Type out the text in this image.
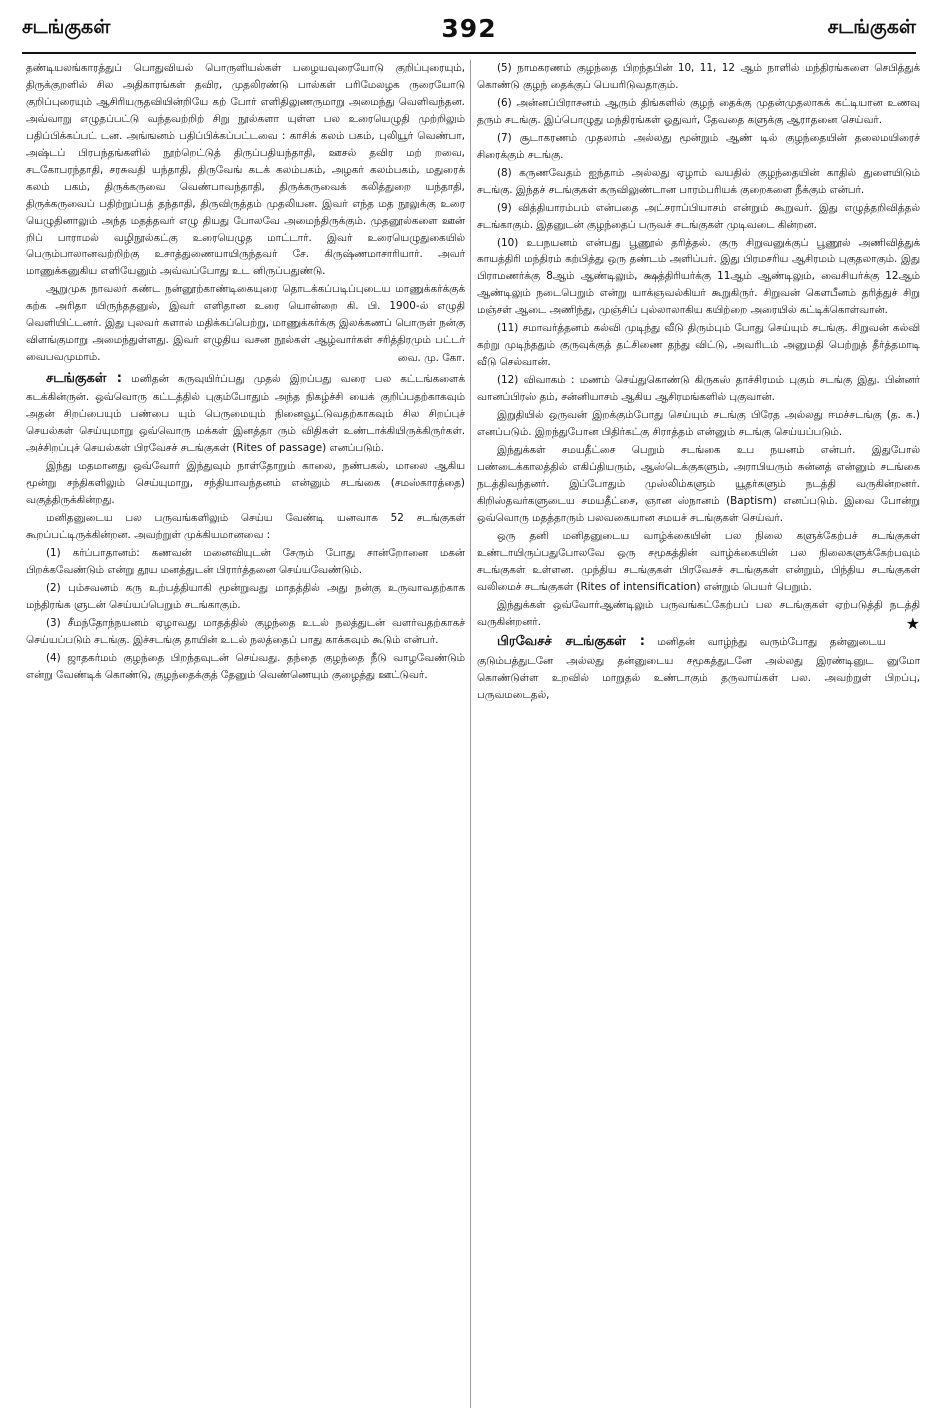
சடங்குகள்	392	சடங்குகள்

தண்டியலங்காரத்துப் பொதுவியல் பொருளியல்கள் பழையவுரையோடு குறிப்புரையும், திருக்குறளில் சில அதிகாரங்கள் தவிர, முதலிரண்டு பால்கள் பரிமேலழக ருரையோடு குறிப்புரையும் ஆசிரியருதவியின்றியே கற் போர் எளிதிலுணருமாறு அமைந்து வெளிவந்தன. அவ்வாறு எழுதப்பட்டு வந்தவற்றிற் சிறு நூல்களா யுள்ள பல உரையெழுதி முற்றிலும் பதிப்பிக்கப்பட் டன. அங்ஙனம் பதிப்பிக்கப்பட்டவை : காசிக் கலம் பகம், புலியூர் வெண்பா, அஷ்டப் பிரபந்தங்களில் நூற்றெட்டுத் திருப்பதியந்தாதி, ஊசல் தவிர மற் றவை, சடகோபரந்தாதி, சரசுவதி யந்தாதி, திருவேங் கடக் கலம்பகம், அழகர் கலம்பகம், மதுரைக் கலம் பகம், திருக்கருவை வெண்பாவந்தாதி, திருக்கருவைக் கலித்துறை யந்தாதி, திருக்கருவைப் பதிற்றுப்பத் தந்தாதி, திருவிருத்தம் முதலியன. இவர் எந்த மத நூலுக்கு உரை யெழுதினாலும் அந்த மதத்தவர் எழு தியது போலவே அமைந்திருக்கும். முதனூல்களை ஊன் றிப் பாராமல் வழிநூல்கட்கு உரையெழுத மாட்டார். இவர் உரையெழுதுகையில் பெரும்பாலானவற்றிற்கு உசாத்துணையாயிருந்தவர் சே. கிருஷ்ணமாசாரியார். அவர் மாணுக்கனுகிய எளியேனும் அவ்வப்போது உட னிருப்பதுண்டு.

ஆறுமுக நாவலர் கண்ட நன்னூற்காண்டிகையுரை தொடக்கப்படிப்புடைய மாணுக்கர்க்குக் கற்க அரிதா யிருந்ததனுல், இவர் எளிதான உரை யொன்றை கி. பி. 1900-ல் எழுதி வெளியிட்டனர். இது புலவர் களால் மதிக்கப்பெற்று, மாணுக்கர்க்கு இலக்கணப் பொருள் நன்கு விளங்குமாறு அமைந்துள்ளது. இவர் எழுதிய வசன நூல்கள் ஆழ்வார்கள் சரித்திரமும் பட்டர் வைபவமுமாம்.	வை. மு. கோ.

சடங்குகள் : மனிதன் கருவுயிர்ப்பது முதல் இறப்பது வரை பல கட்டங்களைக் கடக்கின்ருன். ஒவ்வொரு கட்டத்தில் புகும்போதும் அந்த நிகழ்ச்சி யைக் குறிப்பதற்காகவும் அதன் சிறப்பையும் பண்பை யும் பெருமையும் நினைவூட்டுவதற்காகவும் சில சிறப்புச் செயல்கள் செய்யுமாறு ஒவ்வொரு மக்கள் இனத்தா ரும் விதிகள் உண்டாக்கியிருக்கிருர்கள். அச்சிறப்புச் செயல்கள் பிரவேசச் சடங்குகள் (Rites of passage) எனப்படும்.

இந்து மதமானது ஒவ்வோர் இந்துவும் நாள்தோறும் காலை, நண்பகல், மாலை ஆகிய மூன்று சந்திகளிலும் செய்யுமாறு, சந்தியாவந்தனம் என்னும் சடங்கை (சமஸ்காரத்தை) வகுத்திருக்கின்றது.

மனிதனுடைய பல பருவங்களிலும் செய்ய வேண்டி யனவாக 52 சடங்குகள் கூறப்பட்டிருக்கின்றன. அவற்றுள் முக்கியமானவை :

(1) கர்ப்பாதானம்: கணவன் மனைவியுடன் சேரும் போது சான்றோனை மகன் பிறக்கவேண்டும் என்று தூய மனத்துடன் பிரார்த்தனை செய்யவேண்டும்.

(2) பும்சவனம் கரு உற்பத்தியாகி மூன்றுவது மாதத்தில் அது நன்கு உருவாவதற்காக மந்திரங்க ளுடன் செய்யப்பெறும் சடங்காகும்.

(3) சீமந்தோந்நயனம் ஏழாவது மாதத்தில் குழந்தை உடல் நலத்துடன் வளர்வதற்காகச் செய்யப்படும் சடங்கு. இச்சடங்கு தாயின் உடல் நலத்தைப் பாது காக்கவும் கூடும் என்பர்.

(4) ஜாதகர்மம் குழந்தை பிறந்தவுடன் செய்வது. தந்தை குழந்தை நீடு வாழவேண்டும் என்று வேண்டிக் கொண்டு, குழந்தைக்குத் தேனும் வெண்ணெயும் குழைத்து ஊட்டுவர்.

(5) நாமகரணம் குழந்தை பிறந்தபின் 10, 11, 12 ஆம் நாளில் மந்திரங்களை செபித்துக் கொண்டு குழந் தைக்குப் பெயரிடுவதாகும்.

(6) அன்னப்பிராசனம் ஆரும் திங்களில் குழந் தைக்கு முதன்முதலாகக் கட்டியான உணவு தரும் சடங்கு. இப்பொழுது மந்திரங்கள் ஓதுவர், தேவதை களுக்கு ஆராதனை செய்வர்.

(7) சூடாகரணம் முதலாம் அல்லது மூன்றும் ஆண் டில் குழந்தையின் தலைமயிரைச் சிரைக்கும் சடங்கு.

(8) கருணவேதம் ஐந்தாம் அல்லது ஏழாம் வயதில் குழந்தையின் காதில் துளையிடும் சடங்கு. இந்தச் சடங்குகள் கருவிலுண்டான பாரம்பரியக் குறைகளை நீக்கும் என்பர்.

(9) வித்தியாரம்பம் என்பதை அட்சராப்பியாசம் என்றும் கூறுவர். இது எழுத்தறிவித்தல் சடங்காகும். இதனுடன் குழந்தைப் பருவச் சடங்குகள் முடிவடை கின்றன.

(10) உபநயனம் என்பது பூணூல் தரித்தல். குரு சிறுவனுக்குப் பூணூல் அணிவித்துக் காயத்திரி மந்திரம் கற்பித்து ஒரு தண்டம் அளிப்பர். இது பிரமசரிய ஆசிரமம் புகுதலாகும். இது பிராமணர்க்கு 8ஆம் ஆண்டிலும், க்ஷத்திரியர்க்கு 11ஆம் ஆண்டிலும், வைசியர்க்கு 12ஆம் ஆண்டிலும் நடைபெறும் என்று யாக்ஞவல்கியர் கூறுகிருர். சிறுவன் கௌபீனம் தரித்துச் சிறு மஞ்சள் ஆடை அணிந்து, முஞ்சிப் புல்லாலாகிய கயிற்றை அரையில் கட்டிக்கொள்வான்.

(11) சமாவர்த்தனம் கல்வி முடிந்து வீடு திரும்பும் போது செய்யும் சடங்கு. சிறுவன் கல்வி கற்று முடிந்ததும் குருவுக்குத் தட்சிணை தந்து விட்டு, அவரிடம் அனுமதி பெற்றுத் தீர்த்தமாடி வீடு செல்வான்.

(12) விவாகம் : மணம் செய்துகொண்டு கிருகஸ் தாச்சிரமம் புகும் சடங்கு இது. பின்னர் வானப்பிரஸ் தம், சன்னியாசம் ஆகிய ஆசிரமங்களில் புகுவான்.

இறுதியில் ஒருவன் இறக்கும்போது செய்யும் சடங்கு பிரேத அல்லது ஈமச்சடங்கு (த. க.) எனப்படும். இறந்துபோன பிதிர்கட்கு சிராத்தம் என்னும் சடங்கு செய்யப்படும்.

இந்துக்கள் சமயதீட்சை பெறும் சடங்கை உப நயனம் என்பர். இதுபோல் பண்டைக்காலத்தில் எகிப்தியரும், ஆஸ்டெக்குகளும், அராபியரும் சுன்னத் என்னும் சடங்கை நடத்திவந்தனர். இப்போதும் முஸ்லிம்களும் யூதர்களும் நடத்தி வருகின்றனர். கிறிஸ்தவர்களுடைய சமயதீட்சை, ஞான ஸ்நானம் (Baptism) எனப்படும். இவை போன்று ஒவ்வொரு மதத்தாரும் பலவகையான சமயச் சடங்குகள் செய்வர்.

ஒரு தனி மனிதனுடைய வாழ்க்கையின் பல நிலை களுக்கேற்பச் சடங்குகள் உண்டாயிருப்பதுபோலவே ஒரு சமூகத்தின் வாழ்க்கையின் பல நிலைகளுக்கேற்பவும் சடங்குகள் உள்ளன. முந்திய சடங்குகள் பிரவேசச் சடங்குகள் என்றும், பிந்திய சடங்குகள் வலிமைச் சடங்குகள் (Rites of intensification) என்றும் பெயர் பெறும்.

இந்துக்கள் ஒவ்வோர்ஆண்டிலும் பருவங்கட்கேற்பப் பல சடங்குகள் ஏற்படுத்தி நடத்தி வருகின்றனர்.	★

பிரவேசச் சடங்குகள் : மனிதன் வாழ்ந்து வரும்போது தன்னுடைய குடும்பத்துடனே அல்லது தன்னுடைய சமூகத்துடனே அல்லது இரண்டினுட னுமோ கொண்டுள்ள உறவில் மாறுதல் உண்டாகும் தருவாய்கள் பல. அவற்றுள் பிறப்பு, பருவமடைதல்,
